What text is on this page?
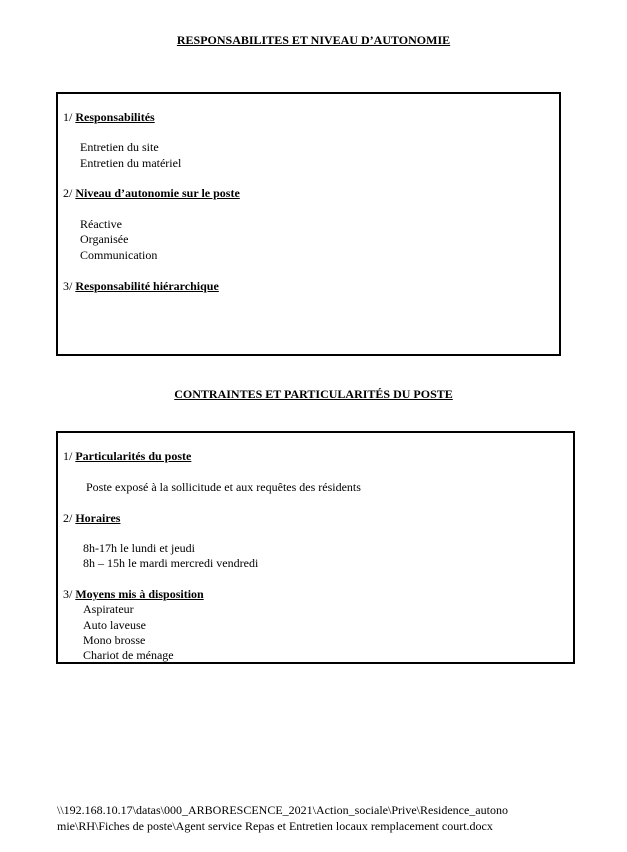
RESPONSABILITES ET NIVEAU D’AUTONOMIE
1/ Responsabilités
Entretien du site
Entretien du matériel
2/ Niveau d’autonomie sur le poste
Réactive
Organisée
Communication
3/ Responsabilité hiérarchique
CONTRAINTES ET PARTICULARITÉS DU POSTE
1/ Particularités du poste
Poste exposé à la sollicitude et aux requêtes des résidents
2/ Horaires
8h-17h le lundi et jeudi
8h – 15h le mardi mercredi vendredi
3/ Moyens mis à disposition
Aspirateur
Auto laveuse
Mono brosse
Chariot de ménage
\\192.168.10.17\datas\000_ARBORESCENCE_2021\Action_sociale\Prive\Residence_autono
mie\RH\Fiches de poste\Agent service Repas et Entretien locaux remplacement court.docx
